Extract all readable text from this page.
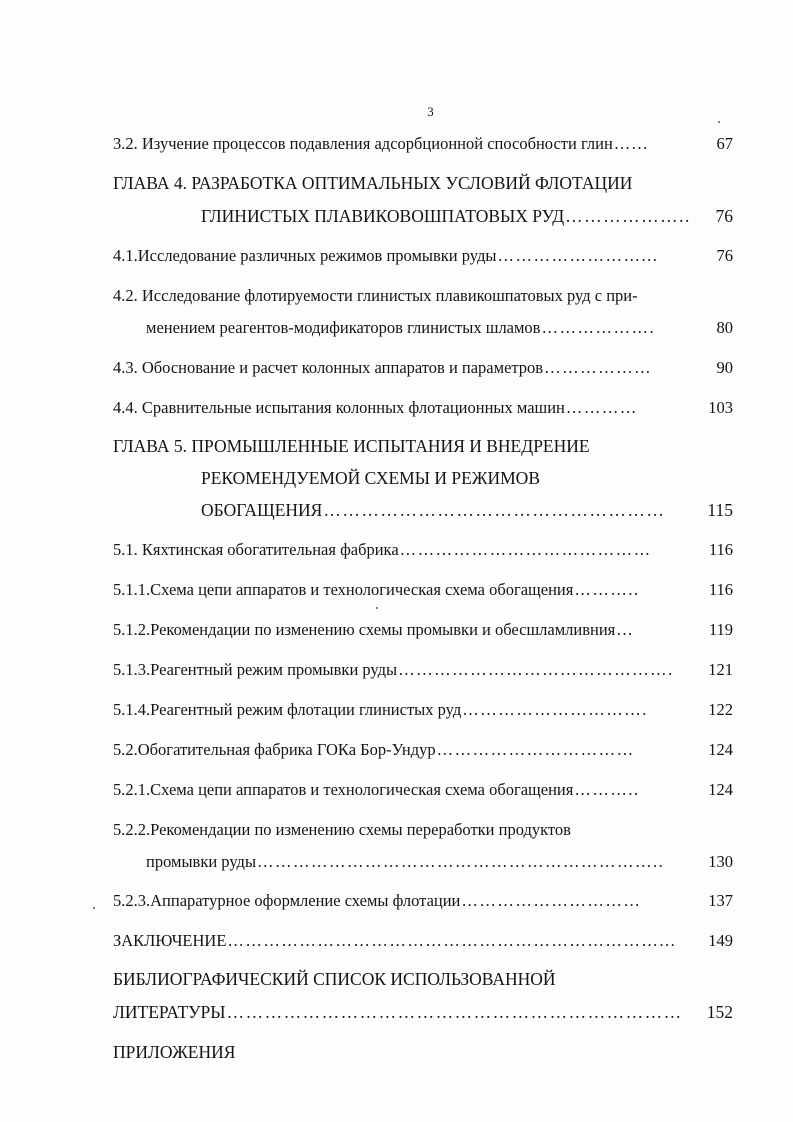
3
3.2. Изучение процессов подавления адсорбционной способности глин …...	67
ГЛАВА 4. РАЗРАБОТКА ОПТИМАЛЬНЫХ УСЛОВИЙ ФЛОТАЦИИ
ГЛИНИСТЫХ ПЛАВИКОВОШПАТОВЫХ РУД ………………..	76
4.1.Исследование различных режимов промывки руды ……………………...	76
4.2. Исследование флотируемости глинистых плавикошпатовых руд с при-
менением реагентов-модификаторов глинистых шламов ……………….	80
4.3. Обоснование и расчет колонных аппаратов и параметров ………………	90
4.4. Сравнительные испытания колонных флотационных машин …………	103
ГЛАВА 5. ПРОМЫШЛЕННЫЕ ИСПЫТАНИЯ И ВНЕДРЕНИЕ
РЕКОМЕНДУЕМОЙ СХЕМЫ И РЕЖИМОВ
ОБОГАЩЕНИЯ ………………………………………………	115
5.1. Кяхтинская обогатительная фабрика ……………………………………	116
5.1.1.Схема цепи аппаратов и технологическая схема обогащения ………..	116
5.1.2.Рекомендации по изменению схемы промывки и обесшламливния …	119
5.1.3.Реагентный режим промывки руды ……………………………………….	121
5.1.4.Реагентный режим флотации глинистых руд ………………………….	122
5.2.Обогатительная фабрика ГОКа Бор-Ундур ……………………………	124
5.2.1.Схема цепи аппаратов и технологическая схема обогащения ………..	124
5.2.2.Рекомендации по изменению схемы переработки продуктов
промывки руды …………………………………………………………..	130
5.2.3.Аппаратурное оформление схемы флотации …………………………	137
ЗАКЛЮЧЕНИЕ ………………………………………………………………...	149
БИБЛИОГРАФИЧЕСКИЙ СПИСОК ИСПОЛЬЗОВАННОЙ
ЛИТЕРАТУРЫ ………………………………………………………………	152
ПРИЛОЖЕНИЯ
